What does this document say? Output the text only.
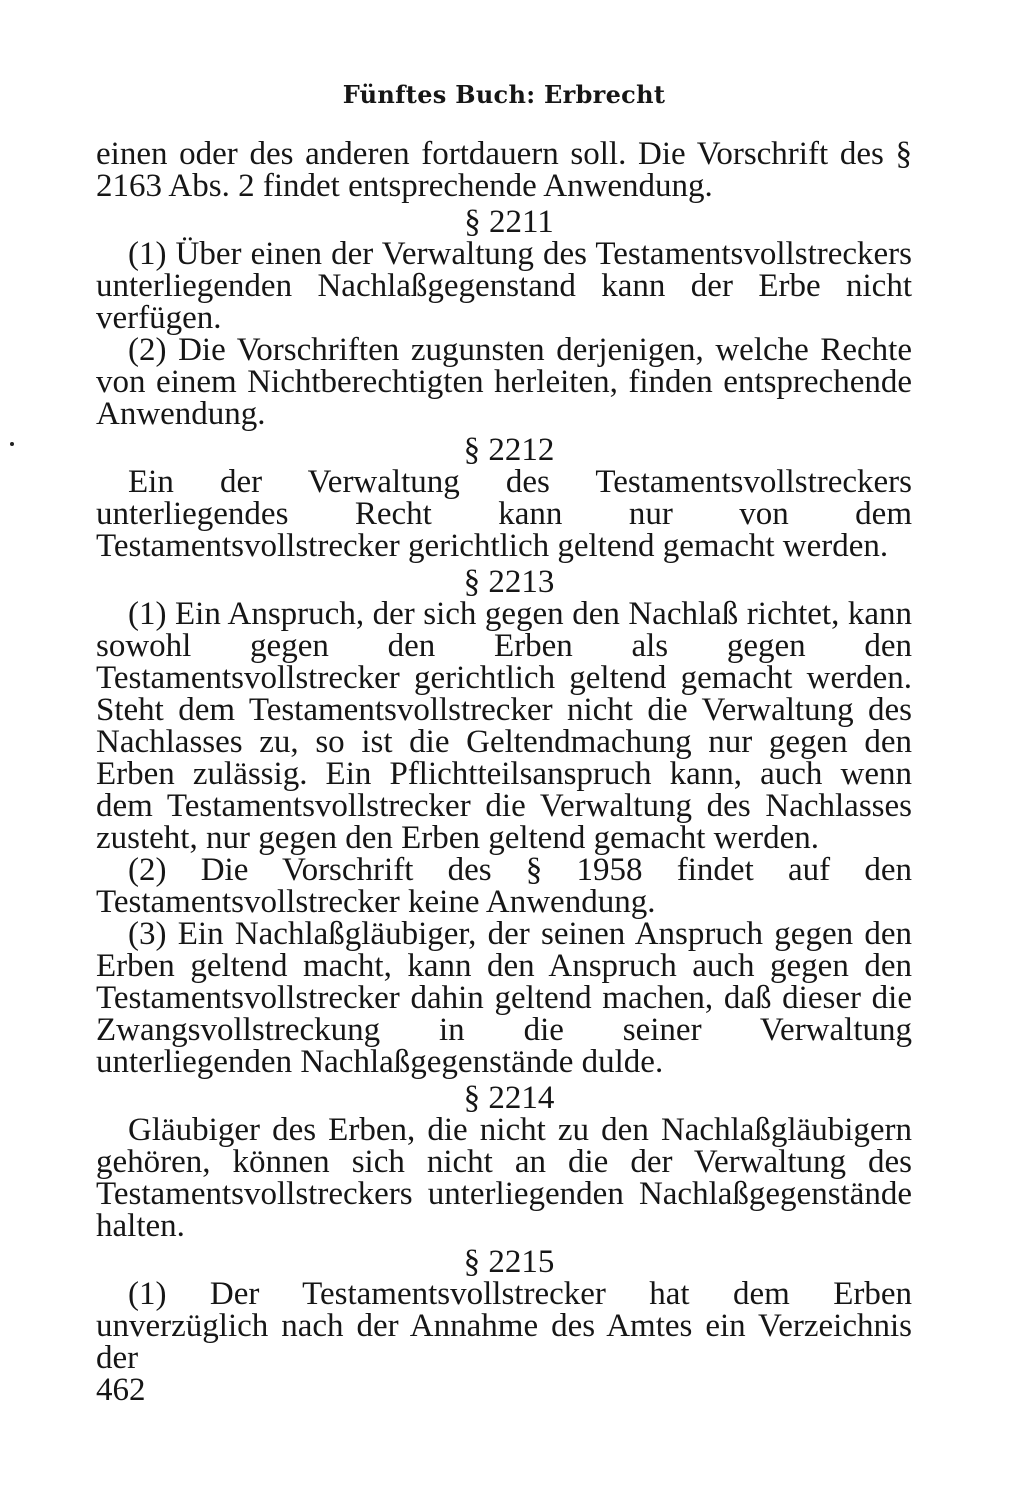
Fünftes Buch: Erbrecht

einen oder des anderen fortdauern soll. Die Vorschrift des § 2163 Abs. 2 findet entsprechende Anwendung.

§ 2211

(1) Über einen der Verwaltung des Testamentsvollstreckers unterliegenden Nachlaßgegenstand kann der Erbe nicht verfügen.

(2) Die Vorschriften zugunsten derjenigen, welche Rechte von einem Nichtberechtigten herleiten, finden entsprechende Anwendung.

§ 2212

Ein der Verwaltung des Testamentsvollstreckers unterliegendes Recht kann nur von dem Testamentsvollstrecker gerichtlich geltend gemacht werden.

§ 2213

(1) Ein Anspruch, der sich gegen den Nachlaß richtet, kann sowohl gegen den Erben als gegen den Testamentsvollstrecker gerichtlich geltend gemacht werden. Steht dem Testamentsvollstrecker nicht die Verwaltung des Nachlasses zu, so ist die Geltendmachung nur gegen den Erben zulässig. Ein Pflichtteilsanspruch kann, auch wenn dem Testamentsvollstrecker die Verwaltung des Nachlasses zusteht, nur gegen den Erben geltend gemacht werden.

(2) Die Vorschrift des § 1958 findet auf den Testamentsvollstrecker keine Anwendung.

(3) Ein Nachlaßgläubiger, der seinen Anspruch gegen den Erben geltend macht, kann den Anspruch auch gegen den Testamentsvollstrecker dahin geltend machen, daß dieser die Zwangsvollstreckung in die seiner Verwaltung unterliegenden Nachlaßgegenstände dulde.

§ 2214

Gläubiger des Erben, die nicht zu den Nachlaßgläubigern gehören, können sich nicht an die der Verwaltung des Testamentsvollstreckers unterliegenden Nachlaßgegenstände halten.

§ 2215

(1) Der Testamentsvollstrecker hat dem Erben unverzüglich nach der Annahme des Amtes ein Verzeichnis der

462
